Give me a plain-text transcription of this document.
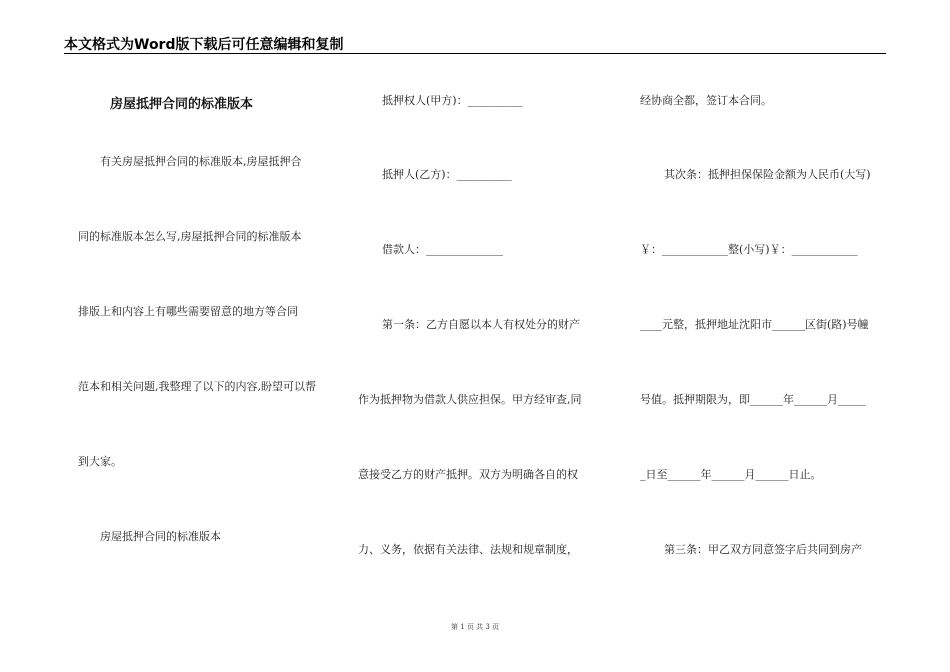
本文格式为Word版下载后可任意编辑和复制
房屋抵押合同的标准版本
有关房屋抵押合同的标准版本,房屋抵押合
同的标准版本怎么写,房屋抵押合同的标准版本
排版上和内容上有哪些需要留意的地方等合同
范本和相关问题,我整理了以下的内容,盼望可以帮
到大家。
房屋抵押合同的标准版本
抵押权人(甲方)：__________
抵押人(乙方)：__________
借款人：______________
第一条：乙方自愿以本人有权处分的财产
作为抵押物为借款人供应担保。甲方经审查,同
意接受乙方的财产抵押。双方为明确各自的权
力、义务，依据有关法律、法规和规章制度，
经协商全都，签订本合同。
其次条：抵押担保保险金额为人民币(大写)
￥：____________整(小写)￥：____________
____元整，抵押地址沈阳市______区街(路)号幢
号值。抵押期限为，即______年______月_____
_日至______年______月______日止。
第三条：甲乙双方同意签字后共同到房产
第 1 页 共 3 页
